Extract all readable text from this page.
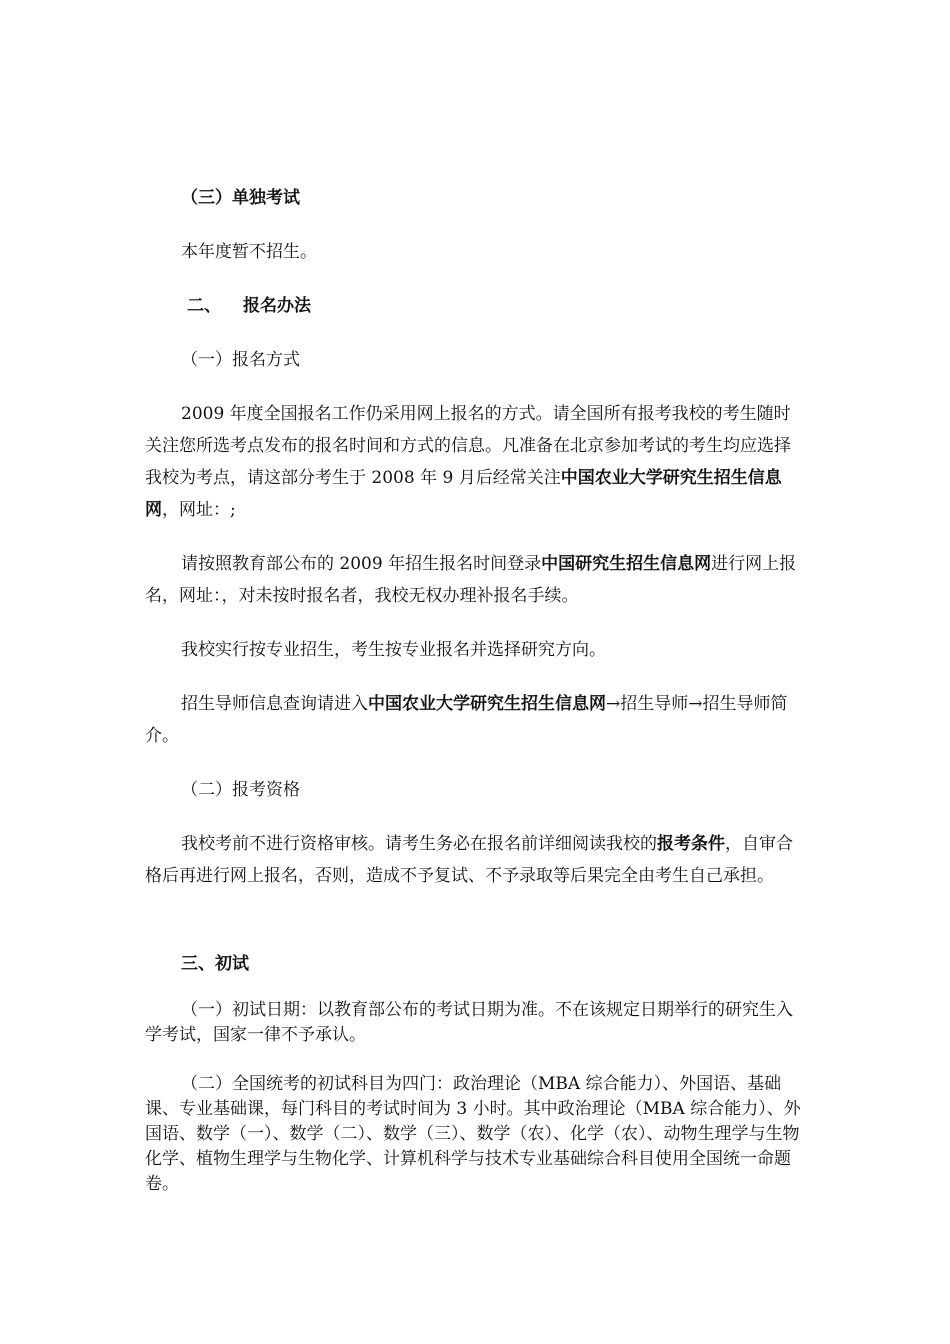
（三）单独考试

本年度暂不招生。

二、 报名办法

（一）报名方式

2009 年度全国报名工作仍采用网上报名的方式。请全国所有报考我校的考生随时关注您所选考点发布的报名时间和方式的信息。凡准备在北京参加考试的考生均应选择我校为考点，请这部分考生于 2008 年 9 月后经常关注中国农业大学研究生招生信息网，网址：;

请按照教育部公布的 2009 年招生报名时间登录中国研究生招生信息网进行网上报名，网址：，对未按时报名者，我校无权办理补报名手续。

我校实行按专业招生，考生按专业报名并选择研究方向。

招生导师信息查询请进入中国农业大学研究生招生信息网→招生导师→招生导师简介。

（二）报考资格

我校考前不进行资格审核。请考生务必在报名前详细阅读我校的报考条件，自审合格后再进行网上报名，否则，造成不予复试、不予录取等后果完全由考生自己承担。

三、初试

（一）初试日期：以教育部公布的考试日期为准。不在该规定日期举行的研究生入学考试，国家一律不予承认。

（二）全国统考的初试科目为四门：政治理论（MBA 综合能力）、外国语、基础课、专业基础课，每门科目的考试时间为 3 小时。其中政治理论（MBA 综合能力）、外国语、数学（一）、数学（二）、数学（三）、数学（农）、化学（农）、动物生理学与生物化学、植物生理学与生物化学、计算机科学与技术专业基础综合科目使用全国统一命题卷。
